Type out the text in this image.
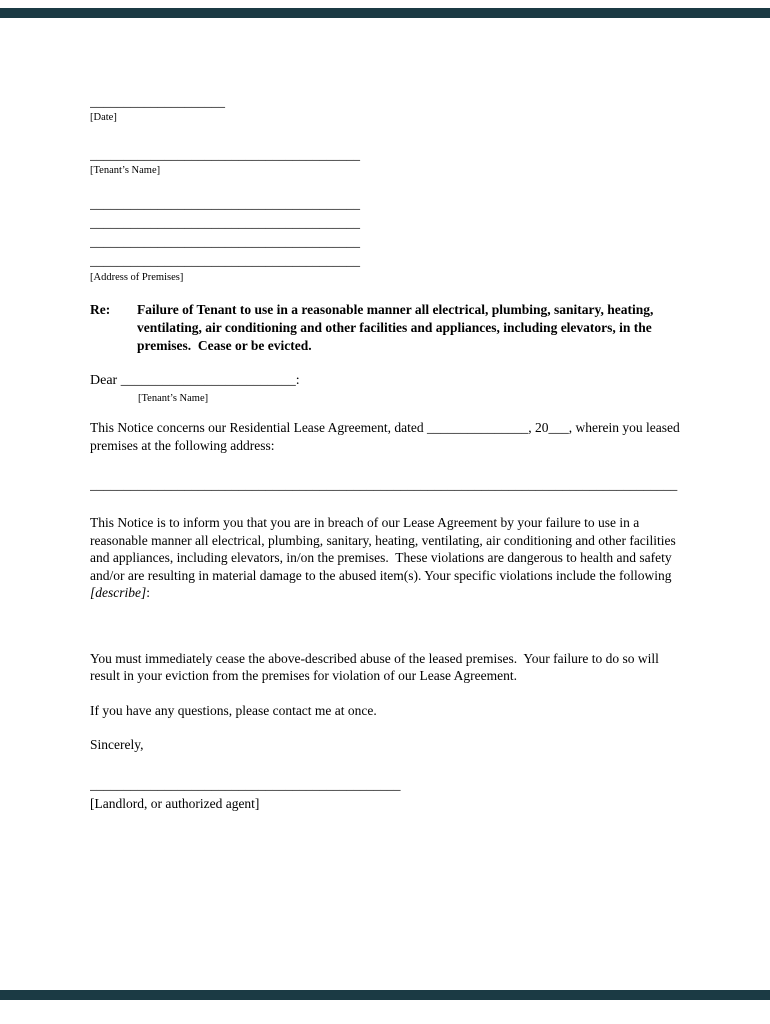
____________________
[Date]
________________________________________
[Tenant’s Name]
________________________________________
________________________________________
________________________________________
________________________________________
[Address of Premises]
Re:	Failure of Tenant to use in a reasonable manner all electrical, plumbing, sanitary, heating, ventilating, air conditioning and other facilities and appliances, including elevators, in the premises.  Cease or be evicted.
Dear _________________________:
[Tenant’s Name]
This Notice concerns our Residential Lease Agreement, dated _______________, 20___, wherein you leased premises at the following address:
_______________________________________________________________________________________
This Notice is to inform you that you are in breach of our Lease Agreement by your failure to use in a reasonable manner all electrical, plumbing, sanitary, heating, ventilating, air conditioning and other facilities and appliances, including elevators, in/on the premises.  These violations are dangerous to health and safety and/or are resulting in material damage to the abused item(s). Your specific violations include the following [describe]:
You must immediately cease the above-described abuse of the leased premises.  Your failure to do so will result in your eviction from the premises for violation of our Lease Agreement.
If you have any questions, please contact me at once.
Sincerely,
______________________________________________
[Landlord, or authorized agent]
